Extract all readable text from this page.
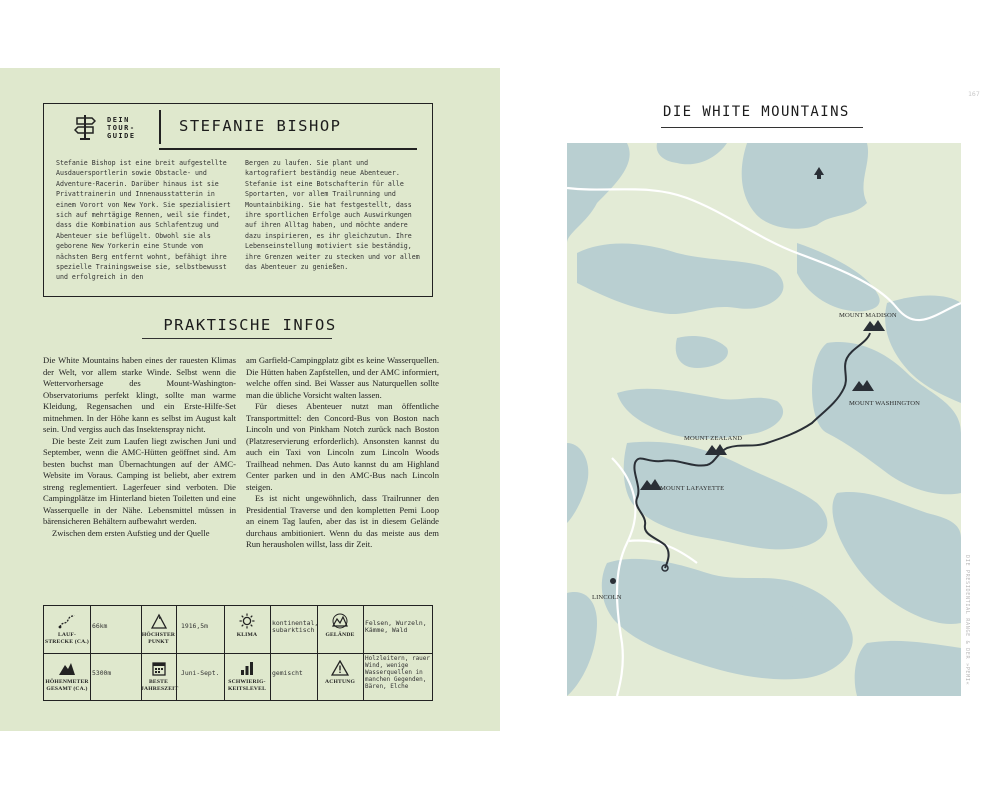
DEIN
TOUR-
GUIDE
STEFANIE BISHOP
Stefanie Bishop ist eine breit aufgestellte Ausdauersportlerin sowie Obstacle- und Adventure-Racerin. Darüber hinaus ist sie Privattrainerin und Innenausstatterin in einem Vorort von New York. Sie spezialisiert sich auf mehrtägige Rennen, weil sie findet, dass die Kombination aus Schlafentzug und Abenteuer sie beflügelt. Obwohl sie als geborene New Yorkerin eine Stunde vom nächsten Berg entfernt wohnt, befähigt ihre spezielle Trainingsweise sie, selbstbewusst und erfolgreich in den
Bergen zu laufen. Sie plant und kartografiert beständig neue Abenteuer. Stefanie ist eine Botschafterin für alle Sportarten, vor allem Trailrunning und Mountainbiking. Sie hat festgestellt, dass ihre sportlichen Erfolge auch Auswirkungen auf ihren Alltag haben, und möchte andere dazu inspirieren, es ihr gleichzutun. Ihre Lebenseinstellung motiviert sie beständig, ihre Grenzen weiter zu stecken und vor allem das Abenteuer zu genießen.
PRAKTISCHE INFOS

Die White Mountains haben eines der rauesten Klimas der Welt, vor allem starke Winde. Selbst wenn die Wettervorhersage des Mount-Washington-Observatoriums perfekt klingt, sollte man warme Kleidung, Regensachen und ein Erste-Hilfe-Set mitnehmen. In der Höhe kann es selbst im August kalt sein. Und vergiss auch das Insektenspray nicht.

Die beste Zeit zum Laufen liegt zwischen Juni und September, wenn die AMC-Hütten geöffnet sind. Am besten buchst man Übernachtungen auf der AMC-Website im Voraus. Camping ist beliebt, aber extrem streng reglementiert. Lagerfeuer sind verboten. Die Campingplätze im Hinterland bieten Toiletten und eine Wasserquelle in der Nähe. Lebensmittel müssen in bärensicheren Behältern aufbewahrt werden.

Zwischen dem ersten Aufstieg und der Quelle

am Garfield-Campingplatz gibt es keine Wasserquellen. Die Hütten haben Zapfstellen, und der AMC informiert, welche offen sind. Bei Wasser aus Naturquellen sollte man die übliche Vorsicht walten lassen.

Für dieses Abenteuer nutzt man öffentliche Transportmittel: den Concord-Bus von Boston nach Lincoln und von Pinkham Notch zurück nach Boston (Platzreservierung erforderlich). Ansonsten kannst du auch ein Taxi von Lincoln zum Lincoln Woods Trailhead nehmen. Das Auto kannst du am Highland Center parken und in den AMC-Bus nach Lincoln steigen.

Es ist nicht ungewöhnlich, dass Trailrunner den Presidential Traverse und den kompletten Pemi Loop an einem Tag laufen, aber das ist in diesem Gelände durchaus ambitioniert. Wenn du das meiste aus dem Run herausholen willst, lass dir Zeit.

LAUF-
STRECKE (CA.)
66km
HÖCHSTER
PUNKT
1916,5m
KLIMA
kontinental, subarktisch
GELÄNDE
Felsen, Wurzeln, Kämme, Wald
HÖHENMETER
GESAMT (CA.)
5300m
BESTE
JAHRESZEIT
Juni-Sept.
SCHWIERIG-
KEITSLEVEL
gemischt
ACHTUNG
Holzleitern, rauer Wind, wenige Wasserquellen in manchen Gegenden, Bären, Elche
167
DIE WHITE MOUNTAINS
MOUNT MADISON
MOUNT WASHINGTON
MOUNT ZEALAND
MOUNT LAFAYETTE
LINCOLN	DIE PRESIDENTIAL RANGE & DER »PEMI«
